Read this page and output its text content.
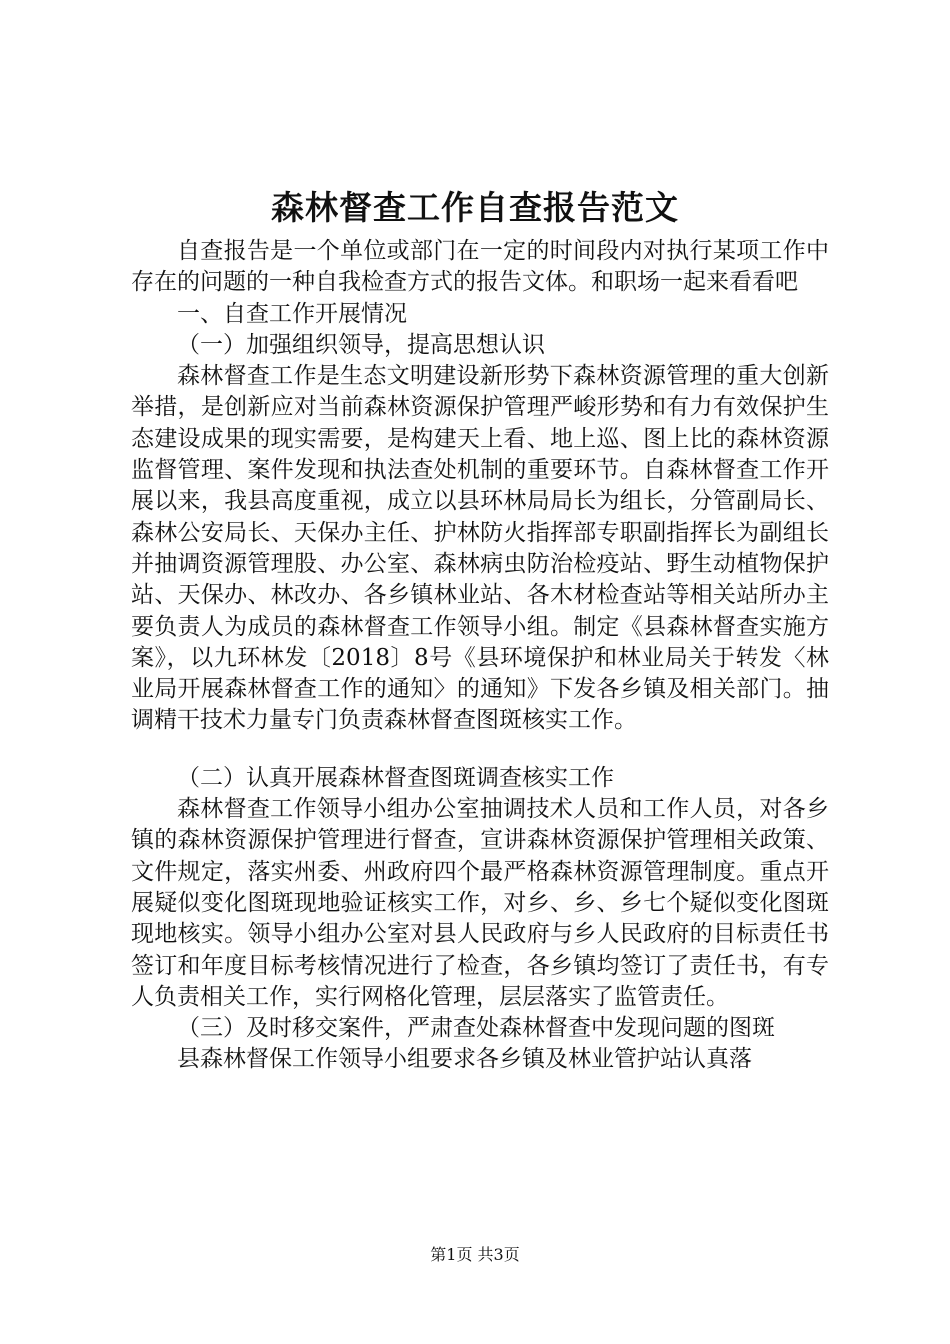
森林督查工作自查报告范文

自查报告是一个单位或部门在一定的时间段内对执行某项工作中存在的问题的一种自我检查方式的报告文体。和职场一起来看看吧

一、自查工作开展情况

（一）加强组织领导，提高思想认识

森林督查工作是生态文明建设新形势下森林资源管理的重大创新举措，是创新应对当前森林资源保护管理严峻形势和有力有效保护生态建设成果的现实需要，是构建天上看、地上巡、图上比的森林资源监督管理、案件发现和执法查处机制的重要环节。自森林督查工作开展以来，我县高度重视，成立以县环林局局长为组长，分管副局长、森林公安局长、天保办主任、护林防火指挥部专职副指挥长为副组长并抽调资源管理股、办公室、森林病虫防治检疫站、野生动植物保护站、天保办、林改办、各乡镇林业站、各木材检查站等相关站所办主要负责人为成员的森林督查工作领导小组。制定《县森林督查实施方案》，以九环林发〔2018〕8号《县环境保护和林业局关于转发〈林业局开展森林督查工作的通知〉的通知》下发各乡镇及相关部门。抽调精干技术力量专门负责森林督查图斑核实工作。

（二）认真开展森林督查图斑调查核实工作

森林督查工作领导小组办公室抽调技术人员和工作人员，对各乡镇的森林资源保护管理进行督查，宣讲森林资源保护管理相关政策、文件规定，落实州委、州政府四个最严格森林资源管理制度。重点开展疑似变化图斑现地验证核实工作，对乡、乡、乡七个疑似变化图斑现地核实。领导小组办公室对县人民政府与乡人民政府的目标责任书签订和年度目标考核情况进行了检查，各乡镇均签订了责任书，有专人负责相关工作，实行网格化管理，层层落实了监管责任。

（三）及时移交案件，严肃查处森林督查中发现问题的图斑

县森林督保工作领导小组要求各乡镇及林业管护站认真落

第1页 共3页
